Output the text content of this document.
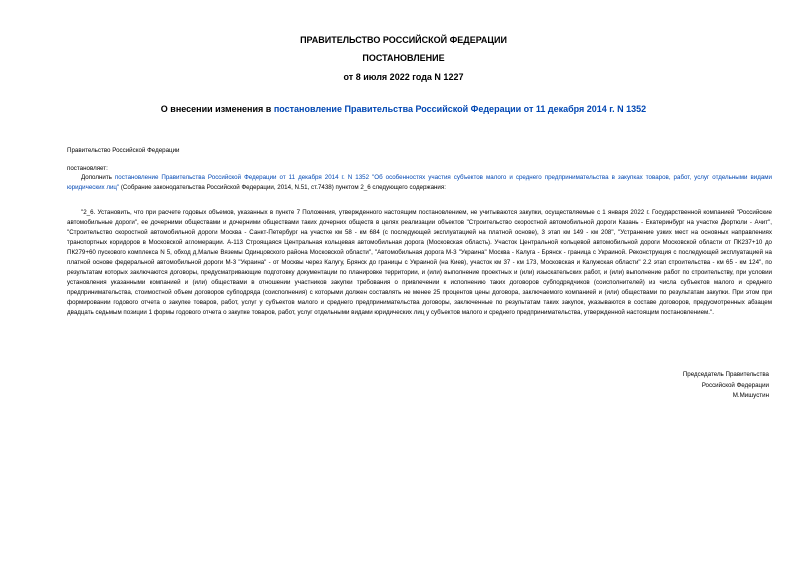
ПРАВИТЕЛЬСТВО РОССИЙСКОЙ ФЕДЕРАЦИИ
ПОСТАНОВЛЕНИЕ
от 8 июля 2022 года N 1227
О внесении изменения в постановление Правительства Российской Федерации от 11 декабря 2014 г. N 1352
Правительство Российской Федерации
постановляет:
Дополнить постановление Правительства Российской Федерации от 11 декабря 2014 г. N 1352 "Об особенностях участия субъектов малого и среднего предпринимательства в закупках товаров, работ, услуг отдельными видами юридических лиц" (Собрание законодательства Российской Федерации, 2014, N.51, ст.7438) пунктом 2_6 следующего содержания:
"2_6. Установить, что при расчете годовых объемов, указанных в пункте 7 Положения, утвержденного настоящим постановлением, не учитываются закупки, осуществляемые с 1 января 2022 г. Государственной компанией "Российские автомобильные дороги", ее дочерними обществами и дочерними обществами таких дочерних обществ в целях реализации объектов "Строительство скоростной автомобильной дороги Казань - Екатеринбург на участке Дюртюли - Ачит", "Строительство скоростной автомобильной дороги Москва - Санкт-Петербург на участке км 58 - км 684 (с последующей эксплуатацией на платной основе), 3 этап км 149 - км 208", "Устранение узких мест на основных направлениях транспортных коридоров в Московской агломерации. А-113 Строящаяся Центральная кольцевая автомобильная дорога (Московская область). Участок Центральной кольцевой автомобильной дороги Московской области от ПК237+10 до ПК279+60 пускового комплекса N 5, обход д.Малые Вяземы Одинцовского района Московской области", "Автомобильная дорога М-3 "Украина" Москва - Калуга - Брянск - граница с Украиной. Реконструкция с последующей эксплуатацией на платной основе федеральной автомобильной дороги М-3 "Украина" - от Москвы через Калугу, Брянск до границы с Украиной (на Киев), участок км 37 - км 173, Московская и Калужская области" 2.2 этап строительства - км 65 - км 124", по результатам которых заключаются договоры, предусматривающие подготовку документации по планировке территории, и (или) выполнение проектных и (или) изыскательских работ, и (или) выполнение работ по строительству, при условии установления указанными компанией и (или) обществами в отношении участников закупки требования о привлечении к исполнению таких договоров субподрядчиков (соисполнителей) из числа субъектов малого и среднего предпринимательства, стоимостной объем договоров субподряда (соисполнения) с которыми должен составлять не менее 25 процентов цены договора, заключаемого компанией и (или) обществами по результатам закупки. При этом при формировании годового отчета о закупке товаров, работ, услуг у субъектов малого и среднего предпринимательства договоры, заключенные по результатам таких закупок, указываются в составе договоров, предусмотренных абзацем двадцать седьмым позиции 1 формы годового отчета о закупке товаров, работ, услуг отдельными видами юридических лиц у субъектов малого и среднего предпринимательства, утвержденной настоящим постановлением.".
Председатель Правительства
Российской Федерации
М.Мишустин
